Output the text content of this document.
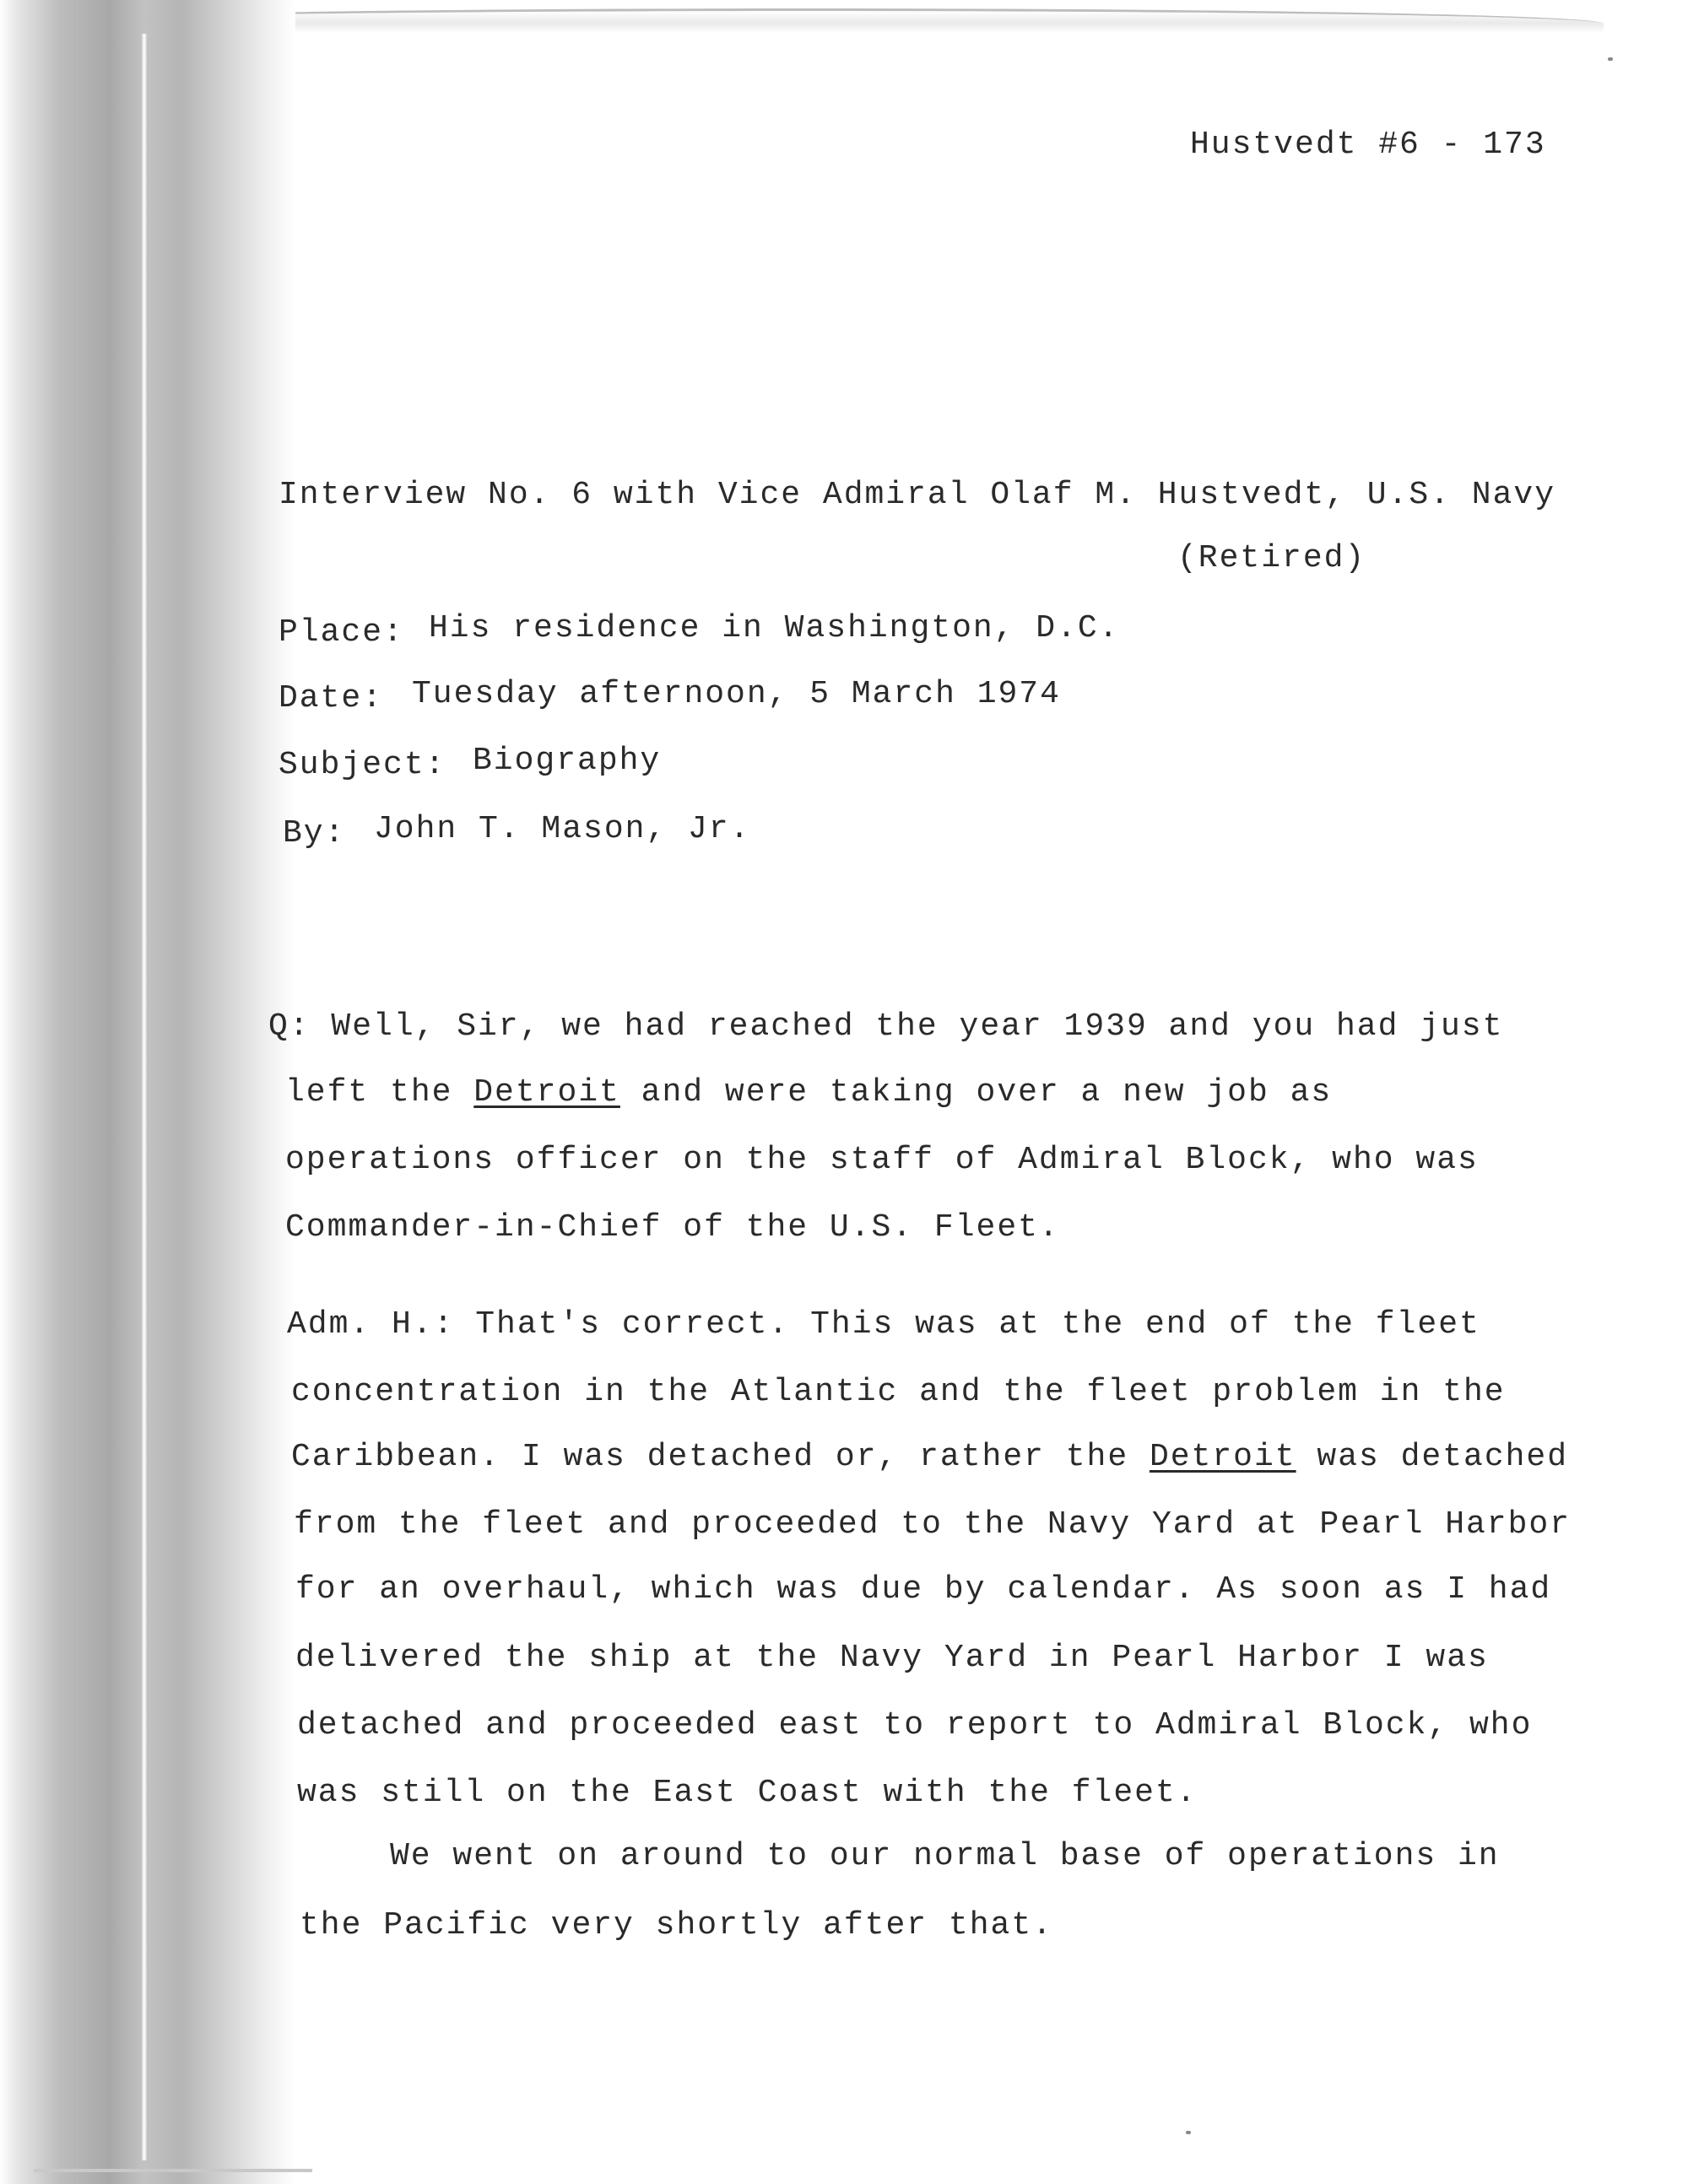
Hustvedt #6 - 173
Interview No. 6 with Vice Admiral Olaf M. Hustvedt, U.S. Navy
(Retired)
Place: His residence in Washington, D.C.
Date: Tuesday afternoon, 5 March 1974
Subject: Biography
By: John T. Mason, Jr.
Q: Well, Sir, we had reached the year 1939 and you had just
left the Detroit and were taking over a new job as
operations officer on the staff of Admiral Block, who was
Commander-in-Chief of the U.S. Fleet.
Adm. H.: That's correct. This was at the end of the fleet
concentration in the Atlantic and the fleet problem in the
Caribbean. I was detached or, rather the Detroit was detached
from the fleet and proceeded to the Navy Yard at Pearl Harbor
for an overhaul, which was due by calendar. As soon as I had
delivered the ship at the Navy Yard in Pearl Harbor I was
detached and proceeded east to report to Admiral Block, who
was still on the East Coast with the fleet.
We went on around to our normal base of operations in
the Pacific very shortly after that.
